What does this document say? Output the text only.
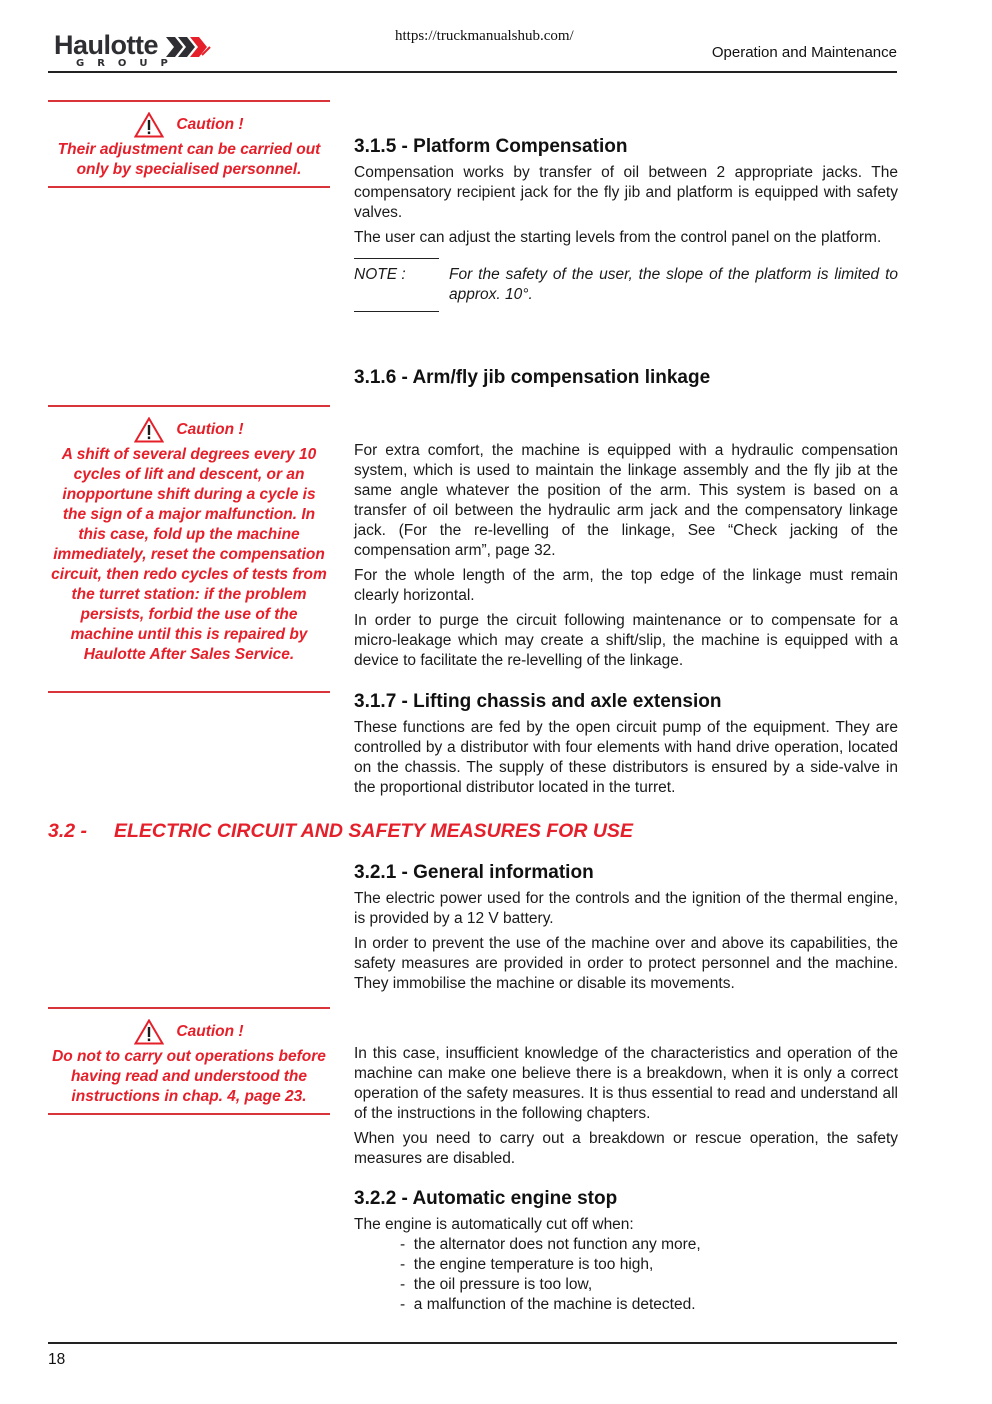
Haulotte
GROUP
https://truckmanualshub.com/
Operation and Maintenance
Caution !
Their adjustment can be carried out only by specialised personnel.
Caution !
A shift of several degrees every 10 cycles of lift and descent, or an inopportune shift during a cycle is the sign of a major malfunction. In this case, fold up the machine immediately, reset the compensation circuit, then redo cycles of tests from the turret station: if the problem persists, forbid the use of the machine until this is repaired by Haulotte After Sales Service.
Caution !
Do not to carry out operations before having read and understood the instructions in chap. 4, page 23.
3.1.5 - Platform Compensation

Compensation works by transfer of oil between 2 appropriate jacks. The compensatory recipient jack for the fly jib and platform is equipped with safety valves.

The user can adjust the starting levels from the control panel on the platform.

NOTE :	For the safety of the user, the slope of the platform is limited to approx. 10°.
3.1.6 - Arm/fly jib compensation linkage

For extra comfort, the machine is equipped with a hydraulic compensation system, which is used to maintain the linkage assembly and the fly jib at the same angle whatever the position of the arm. This system is based on a transfer of oil between the hydraulic arm jack and the compensatory linkage jack. (For the re-levelling of the linkage, See “Check jacking of the compensation arm”, page 32.

For the whole length of the arm, the top edge of the linkage must remain clearly horizontal.

In order to purge the circuit following maintenance or to compensate for a micro-leakage which may create a shift/slip, the machine is equipped with a device to facilitate the re-levelling of the linkage.

3.1.7 - Lifting chassis and axle extension

These functions are fed by the open circuit pump of the equipment. They are controlled by a distributor with four elements with hand drive operation, located on the chassis. The supply of these distributors is ensured by a side-valve in the proportional distributor located in the turret.

3.2 - ELECTRIC CIRCUIT AND SAFETY MEASURES FOR USE
3.2.1 - General information

The electric power used for the controls and the ignition of the thermal engine, is provided by a 12 V battery.

In order to prevent the use of the machine over and above its capabilities, the safety measures are provided in order to protect personnel and the machine. They immobilise the machine or disable its movements.

In this case, insufficient knowledge of the characteristics and operation of the machine can make one believe there is a breakdown, when it is only a correct operation of the safety measures. It is thus essential to read and understand all of the instructions in the following chapters.

When you need to carry out a breakdown or rescue operation, the safety measures are disabled.

3.2.2 - Automatic engine stop
The engine is automatically cut off when:
- the alternator does not function any more,
- the engine temperature is too high,
- the oil pressure is too low,
- a malfunction of the machine is detected.
18
